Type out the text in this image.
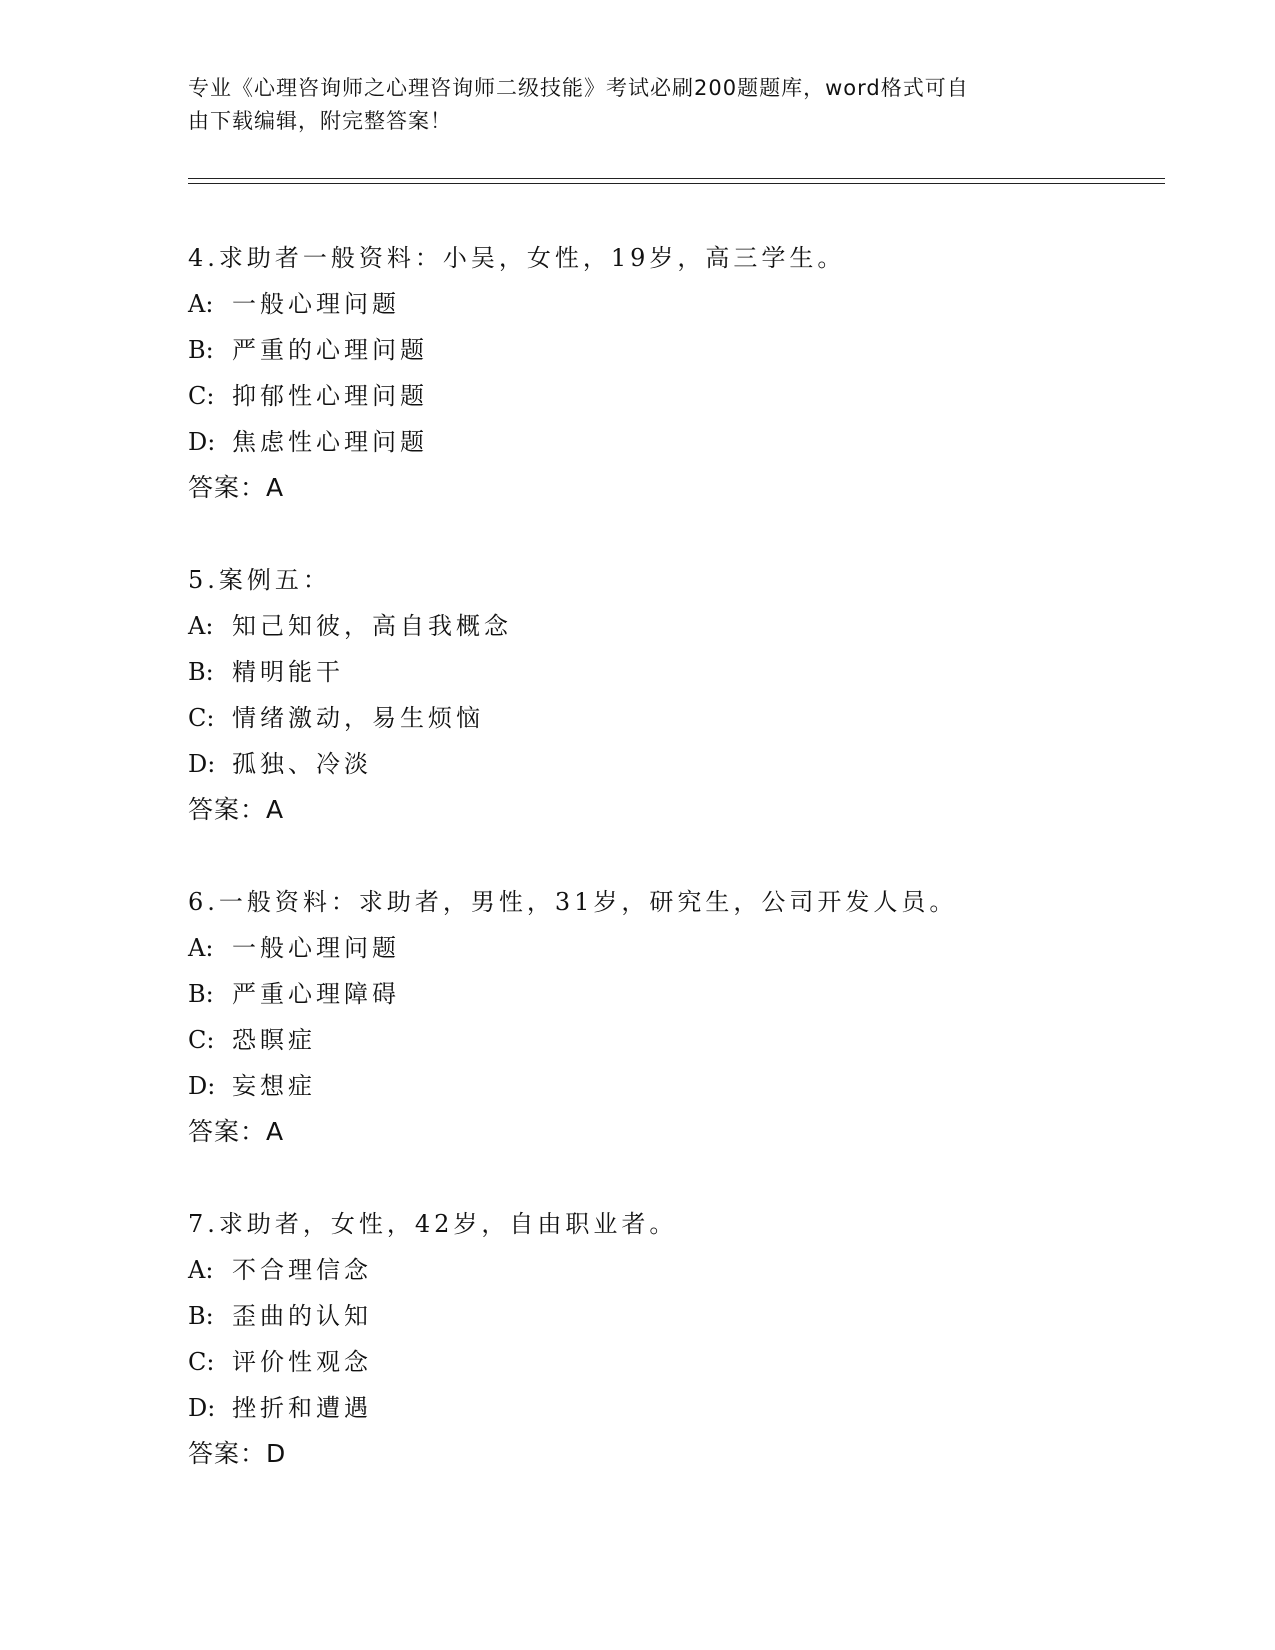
专业《心理咨询师之心理咨询师二级技能》考试必刷200题题库，word格式可自
由下载编辑，附完整答案！
4.求助者一般资料：小吴，女性，19岁，高三学生。
A: 一般心理问题
B: 严重的心理问题
C: 抑郁性心理问题
D: 焦虑性心理问题
答案：A
5.案例五：
A: 知己知彼，高自我概念
B: 精明能干
C: 情绪激动，易生烦恼
D: 孤独、冷淡
答案：A
6.一般资料：求助者，男性，31岁，研究生，公司开发人员。
A: 一般心理问题
B: 严重心理障碍
C: 恐瞑症
D: 妄想症
答案：A
7.求助者，女性，42岁，自由职业者。
A: 不合理信念
B: 歪曲的认知
C: 评价性观念
D: 挫折和遭遇
答案：D
